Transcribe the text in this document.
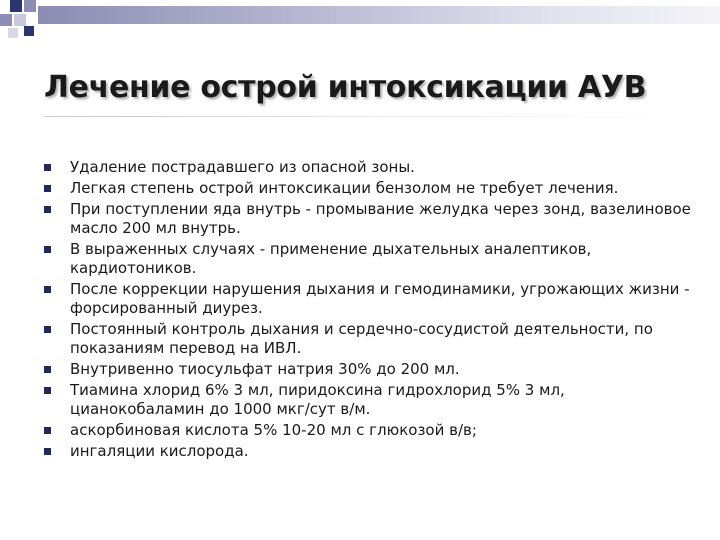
Лечение острой интоксикации АУВ
Удаление пострадавшего из опасной зоны.
Легкая степень острой интоксикации бензолом не требует лечения.
При поступлении яда внутрь - промывание желудка через зонд, вазелиновое масло 200 мл внутрь.
В выраженных случаях - применение дыхательных аналептиков, кардиотоников.
После коррекции нарушения дыхания и гемодинамики, угрожающих жизни - форсированный диурез.
Постоянный контроль дыхания и сердечно-сосудистой деятельности, по показаниям перевод на ИВЛ.
Внутривенно тиосульфат натрия 30% до 200 мл.
Тиамина хлорид 6% 3 мл, пиридоксина гидрохлорид 5% 3 мл, цианокобаламин до 1000 мкг/сут в/м.
аскорбиновая кислота 5% 10-20 мл с глюкозой в/в;
ингаляции кислорода.
